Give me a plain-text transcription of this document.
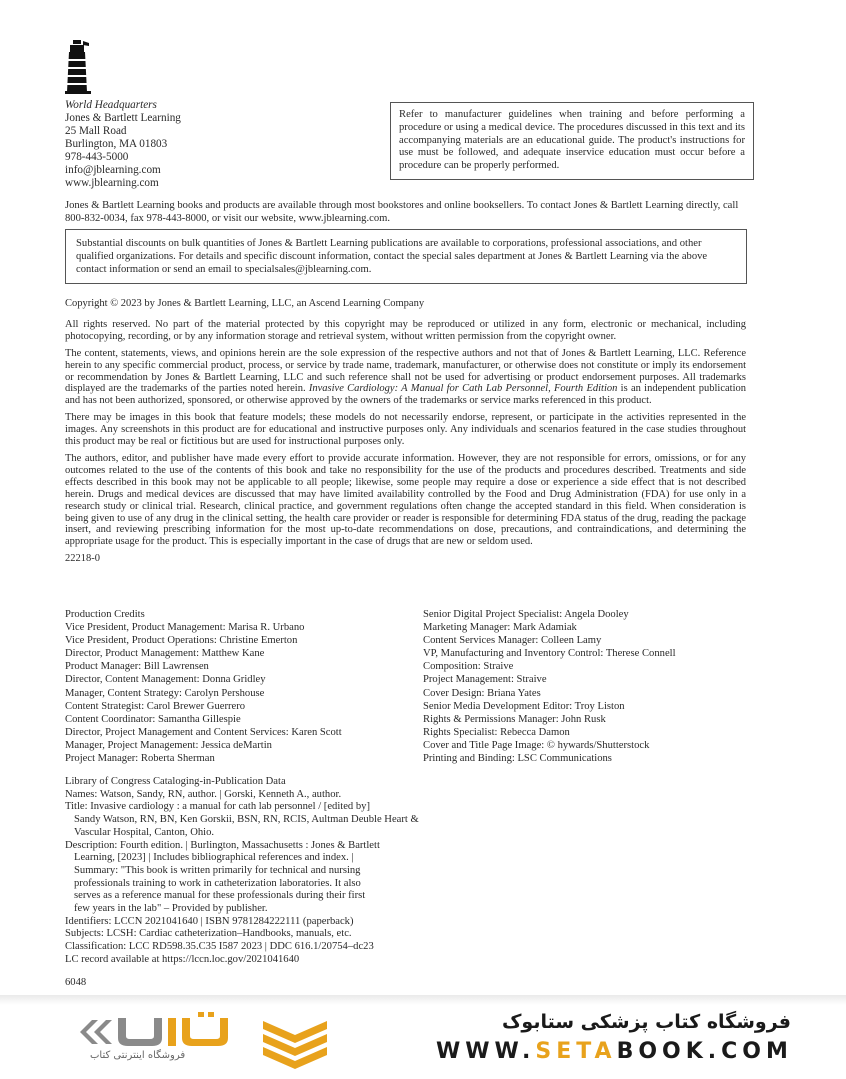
World Headquarters
Jones & Bartlett Learning
25 Mall Road
Burlington, MA 01803
978-443-5000
info@jblearning.com
www.jblearning.com
Refer to manufacturer guidelines when training and before performing a procedure or using a medical device. The procedures discussed in this text and its accompanying materials are an educational guide. The product's instructions for use must be followed, and adequate inservice education must occur before a procedure can be properly performed.
Jones & Bartlett Learning books and products are available through most bookstores and online booksellers. To contact Jones & Bartlett Learning directly, call 800-832-0034, fax 978-443-8000, or visit our website, www.jblearning.com.
Substantial discounts on bulk quantities of Jones & Bartlett Learning publications are available to corporations, professional associations, and other qualified organizations. For details and specific discount information, contact the special sales department at Jones & Bartlett Learning via the above contact information or send an email to specialsales@jblearning.com.

Copyright © 2023 by Jones & Bartlett Learning, LLC, an Ascend Learning Company

All rights reserved. No part of the material protected by this copyright may be reproduced or utilized in any form, electronic or mechanical, including photocopying, recording, or by any information storage and retrieval system, without written permission from the copyright owner.

The content, statements, views, and opinions herein are the sole expression of the respective authors and not that of Jones & Bartlett Learning, LLC. Reference herein to any specific commercial product, process, or service by trade name, trademark, manufacturer, or otherwise does not constitute or imply its endorsement or recommendation by Jones & Bartlett Learning, LLC and such reference shall not be used for advertising or product endorsement purposes. All trademarks displayed are the trademarks of the parties noted herein. Invasive Cardiology: A Manual for Cath Lab Personnel, Fourth Edition is an independent publication and has not been authorized, sponsored, or otherwise approved by the owners of the trademarks or service marks referenced in this product.

There may be images in this book that feature models; these models do not necessarily endorse, represent, or participate in the activities represented in the images. Any screenshots in this product are for educational and instructive purposes only. Any individuals and scenarios featured in the case studies throughout this product may be real or fictitious but are used for instructional purposes only.

The authors, editor, and publisher have made every effort to provide accurate information. However, they are not responsible for errors, omissions, or for any outcomes related to the use of the contents of this book and take no responsibility for the use of the products and procedures described. Treatments and side effects described in this book may not be applicable to all people; likewise, some people may require a dose or experience a side effect that is not described herein. Drugs and medical devices are discussed that may have limited availability controlled by the Food and Drug Administration (FDA) for use only in a research study or clinical trial. Research, clinical practice, and government regulations often change the accepted standard in this field. When consideration is being given to use of any drug in the clinical setting, the health care provider or reader is responsible for determining FDA status of the drug, reading the package insert, and reviewing prescribing information for the most up-to-date recommendations on dose, precautions, and contraindications, and determining the appropriate usage for the product. This is especially important in the case of drugs that are new or seldom used.

22218-0

Production Credits
Vice President, Product Management: Marisa R. Urbano
Vice President, Product Operations: Christine Emerton
Director, Product Management: Matthew Kane
Product Manager: Bill Lawrensen
Director, Content Management: Donna Gridley
Manager, Content Strategy: Carolyn Pershouse
Content Strategist: Carol Brewer Guerrero
Content Coordinator: Samantha Gillespie
Director, Project Management and Content Services: Karen Scott
Manager, Project Management: Jessica deMartin
Project Manager: Roberta Sherman
Senior Digital Project Specialist: Angela Dooley
Marketing Manager: Mark Adamiak
Content Services Manager: Colleen Lamy
VP, Manufacturing and Inventory Control: Therese Connell
Composition: Straive
Project Management: Straive
Cover Design: Briana Yates
Senior Media Development Editor: Troy Liston
Rights & Permissions Manager: John Rusk
Rights Specialist: Rebecca Damon
Cover and Title Page Image: © hywards/Shutterstock
Printing and Binding: LSC Communications
Library of Congress Cataloging-in-Publication Data
Names: Watson, Sandy, RN, author. | Gorski, Kenneth A., author.
Title: Invasive cardiology : a manual for cath lab personnel / [edited by]
Sandy Watson, RN, BN, Ken Gorskii, BSN, RN, RCIS, Aultman Deuble Heart &
Vascular Hospital, Canton, Ohio.
Description: Fourth edition. | Burlington, Massachusetts : Jones & Bartlett
Learning, [2023] | Includes bibliographical references and index. |
Summary: "This book is written primarily for technical and nursing
professionals training to work in catheterization laboratories. It also
serves as a reference manual for these professionals during their first
few years in the lab" – Provided by publisher.
Identifiers: LCCN 2021041640 | ISBN 9781284222111 (paperback)
Subjects: LCSH: Cardiac catheterization–Handbooks, manuals, etc.
Classification: LCC RD598.35.C35 I587 2023 | DDC 616.1/20754–dc23
LC record available at https://lccn.loc.gov/2021041640
6048
فروشگاه اینترنتی کتاب
فروشگاه کتاب پزشکی ستابوک
WWW.SETABOOK.COM
